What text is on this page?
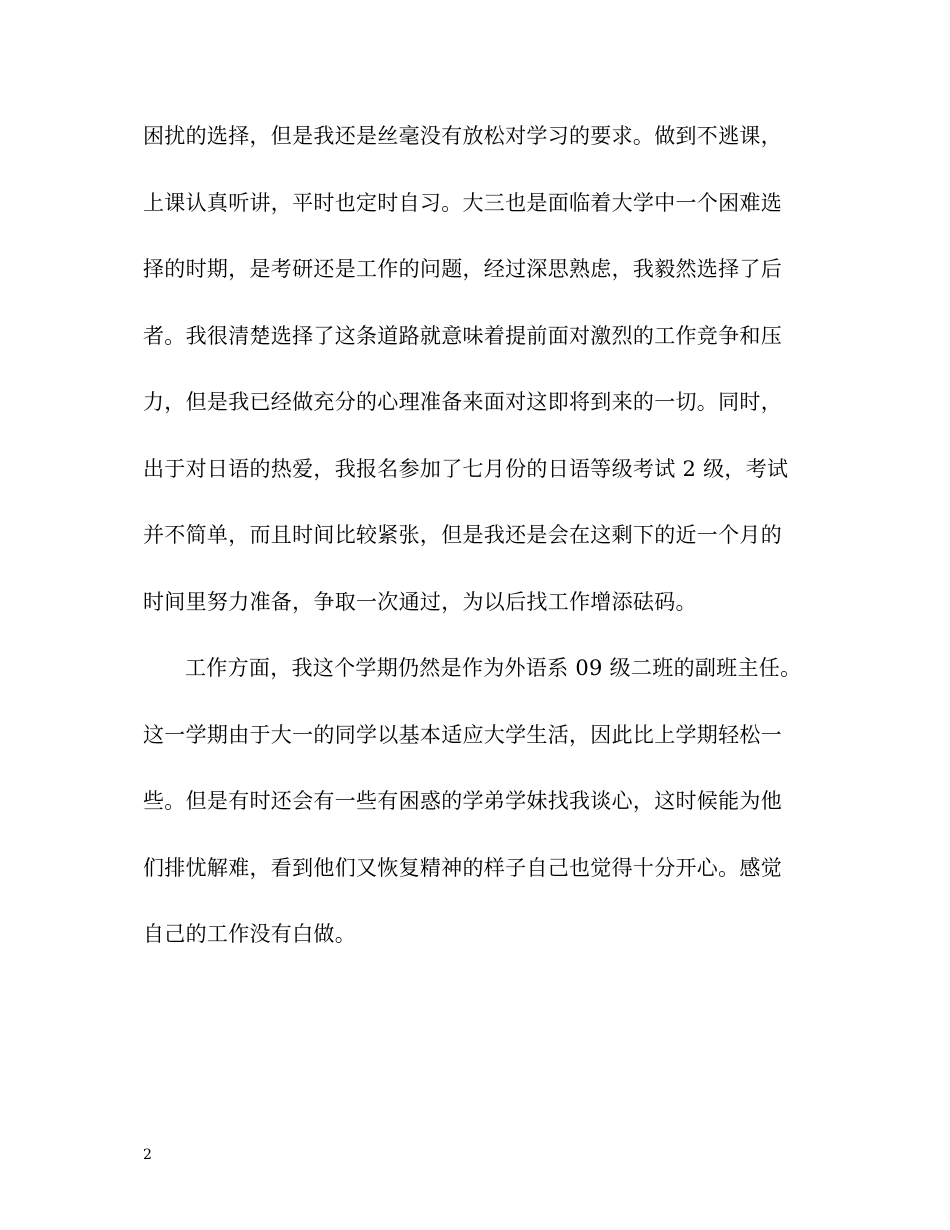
困扰的选择，但是我还是丝毫没有放松对学习的要求。做到不逃课，
上课认真听讲，平时也定时自习。大三也是面临着大学中一个困难选
择的时期，是考研还是工作的问题，经过深思熟虑，我毅然选择了后
者。我很清楚选择了这条道路就意味着提前面对激烈的工作竞争和压
力，但是我已经做充分的心理准备来面对这即将到来的一切。同时，
出于对日语的热爱，我报名参加了七月份的日语等级考试 2 级，考试
并不简单，而且时间比较紧张，但是我还是会在这剩下的近一个月的
时间里努力准备，争取一次通过，为以后找工作增添砝码。
工作方面，我这个学期仍然是作为外语系 09 级二班的副班主任。
这一学期由于大一的同学以基本适应大学生活，因此比上学期轻松一
些。但是有时还会有一些有困惑的学弟学妹找我谈心，这时候能为他
们排忧解难，看到他们又恢复精神的样子自己也觉得十分开心。感觉
自己的工作没有白做。
2
